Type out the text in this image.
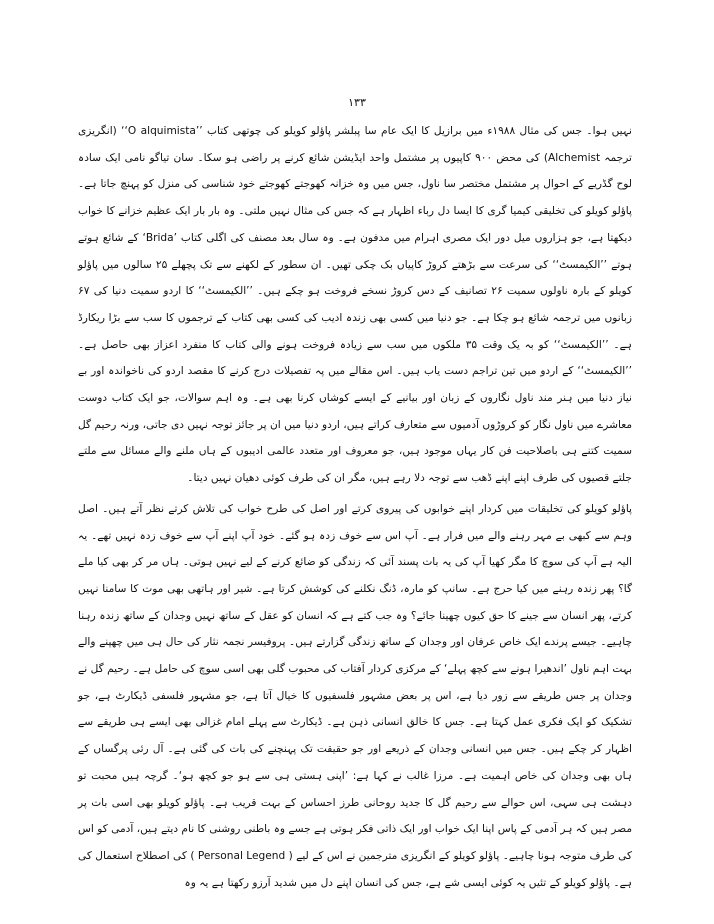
۱۳۳

نہیں ہوا۔ جس کی مثال ۱۹۸۸ء میں برازیل کا ایک عام سا پبلشر پاؤلو کویلو کی چوتھی کتاب ’’O alquimista‘‘ (انگریزی ترجمہ Alchemist) کی محض ۹۰۰ کاپیوں پر مشتمل واحد ایڈیشن شائع کرنے پر راضی ہو سکا۔ سان تیاگو نامی ایک سادہ لوح گڈریے کے احوال پر مشتمل مختصر سا ناول، جس میں وہ خزانہ کھوجتے کھوجتے خود شناسی کی منزل کو پہنچ جاتا ہے۔ پاؤلو کویلو کی تخلیقی کیمیا گری کا ایسا دل رباء اظہار ہے کہ جس کی مثال نہیں ملتی۔ وہ بار بار ایک عظیم خزانے کا خواب دیکھتا ہے، جو ہزاروں میل دور ایک مصری اہرام میں مدفون ہے۔ وہ سال بعد مصنف کی اگلی کتاب ’Brida‘ کے شائع ہوتے ہوتے ’’الکیمسٹ‘‘ کی سرعت سے بڑھتے کروڑ کاپیاں بک چکی تھیں۔ ان سطور کے لکھنے سے تک پچھلے ۲۵ سالوں میں پاؤلو کویلو کے بارہ ناولوں سمیت ۲۶ تصانیف کے دس کروڑ نسخے فروخت ہو چکے ہیں۔ ’’الکیمسٹ‘‘ کا اردو سمیت دنیا کی ۶۷ زبانوں میں ترجمہ شائع ہو چکا ہے۔ جو دنیا میں کسی بھی زندہ ادیب کی کسی بھی کتاب کے ترجموں کا سب سے بڑا ریکارڈ ہے۔ ’’الکیمسٹ‘‘ کو بہ یک وقت ۳۵ ملکوں میں سب سے زیادہ فروخت ہونے والی کتاب کا منفرد اعزاز بھی حاصل ہے۔ ’’الکیمسٹ‘‘ کے اردو میں تین تراجم دست یاب ہیں۔ اس مقالے میں پہ تفصیلات درج کرنے کا مقصد اردو کی ناخواندہ اور بے نیاز دنیا میں ہنر مند ناول نگاروں کے زبان اور بیانیے کے ایسے کوشاں کرنا بھی ہے۔ وہ اہم سوالات، جو ایک کتاب دوست معاشرے میں ناول نگار کو کروڑوں آدمیوں سے متعارف کراتے ہیں، اردو دنیا میں ان پر جائز توجہ نہیں دی جاتی، ورنہ رحیم گل سمیت کتنے ہی باصلاحیت فن کار یہاں موجود ہیں، جو معروف اور متعدد عالمی ادیبوں کے ہاں ملنے والے مسائل سے ملتے جلتے قصیوں کی طرف اپنے اپنے ڈھب سے توجہ دلا رہے ہیں، مگر ان کی طرف کوئی دھیان نہیں دیتا۔

پاؤلو کویلو کی تخلیقات میں کردار اپنے خوابوں کی پیروی کرتے اور اصل کی طرح خواب کی تلاش کرتے نظر آتے ہیں۔ اصل وہم سے کبھی بے مہر رہنے والے میں فرار ہے۔ آپ اس سے خوف زدہ ہو گئے۔ خود آپ اپنے آپ سے خوف زدہ نہیں تھے۔ یہ الیہ ہے آپ کی سوچ کا مگر کھیا آپ کی یہ بات پسند آئی کہ زندگی کو ضائع کرنے کے لیے نہیں ہوتی۔ ہاں مر کر بھی کیا ملے گا؟ پھر زندہ رہنے میں کیا حرج ہے۔ سانپ کو مارہ، ڈنگ نکلنے کی کوشش کرتا ہے۔ شیر اور ہاتھی بھی موت کا سامنا نہیں کرتے، پھر انسان سے جینے کا حق کیوں چھینا جائے؟ وہ جب کتے ہے کہ انسان کو عقل کے ساتھ نہیں وجدان کے ساتھ زندہ رہنا چاہیے۔ جیسے پرندے ایک خاص عرفان اور وجدان کے ساتھ زندگی گزارتے ہیں۔ پروفیسر نجمہ نثار کی حال ہی میں چھپنے والے بہت اہم ناول ’اندھیرا ہونے سے کچھ پہلے‘ کے مرکزی کردار آفتاب کی محبوب گلی بھی اسی سوچ کی حامل ہے۔ رحیم گل نے وجدان پر جس طریقے سے زور دیا ہے، اس پر بعض مشہور فلسفیوں کا خیال آتا ہے، جو مشہور فلسفی ڈیکارٹ ہے، جو تشکیک کو ایک فکری عمل کہتا ہے۔ جس کا خالق انسانی ذہن ہے۔ ڈیکارٹ سے پہلے امام غزالی بھی ایسے ہی طریقے سے اظہار کر چکے ہیں۔ جس میں انسانی وجدان کے ذریعے اور جو حقیقت تک پہنچنے کی بات کی گئی ہے۔ آل رئی پرگساں کے ہاں بھی وجدان کی خاص اہمیت ہے۔ مرزا غالب نے کہا ہے: ’اپنی ہستی ہی سے ہو جو کچھ ہو‘۔ گرچہ ہیں محبت تو دہشت ہی سہی، اس حوالے سے رحیم گل کا جدید روحانی طرز احساس کے بہت قریب ہے۔ پاؤلو کویلو بھی اسی بات پر مصر ہیں کہ ہر آدمی کے پاس اپنا ایک خواب اور ایک ذاتی فکر ہوتی ہے جسے وہ باطنی روشنی کا نام دیتے ہیں، آدمی کو اس کی طرف متوجہ ہونا چاہیے۔ پاؤلو کویلو کے انگریزی مترجمین نے اس کے لیے ( Personal Legend ) کی اصطلاح استعمال کی ہے۔ پاؤلو کویلو کے تئیں یہ کوئی ایسی شے ہے، جس کی انسان اپنے دل میں شدید آرزو رکھتا ہے یہ وہ
